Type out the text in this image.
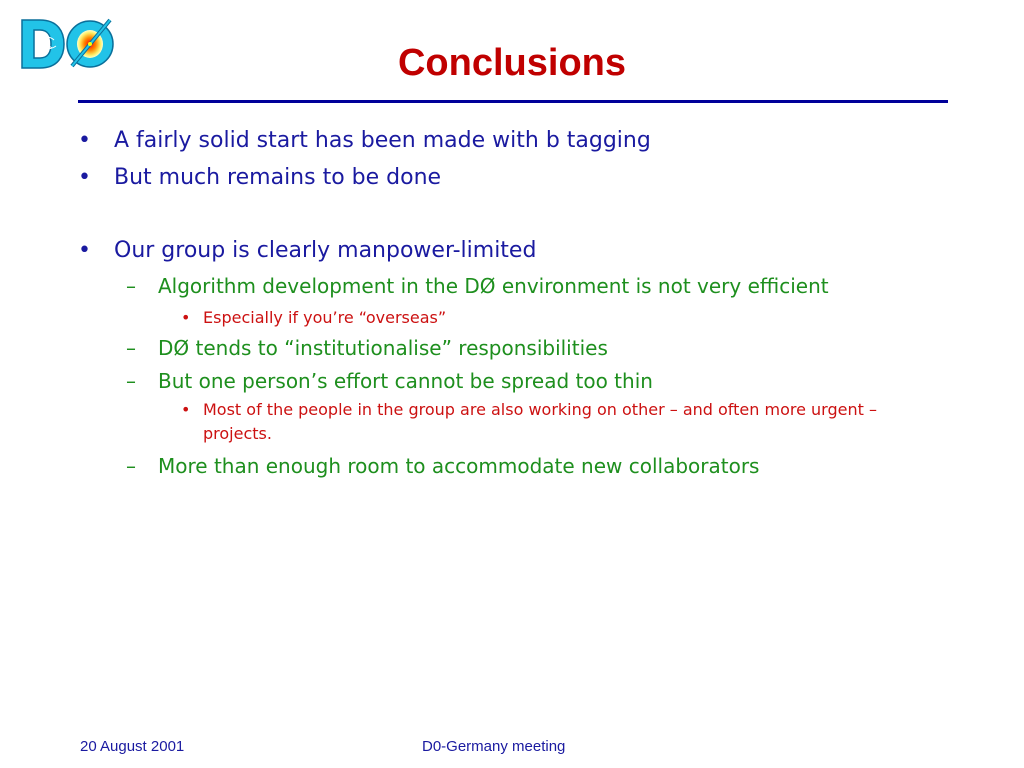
Conclusions
•	A fairly solid start has been made with b tagging
•	But much remains to be done
•	Our group is clearly manpower-limited
–	Algorithm development in the DØ environment is not very efficient
• Especially if you’re “overseas”
–	DØ tends to “institutionalise” responsibilities
–	But one person’s effort cannot be spread too thin
• Most of the people in the group are also working on other – and often more urgent – projects.
–	More than enough room to accommodate new collaborators
20 August 2001	D0-Germany meeting
